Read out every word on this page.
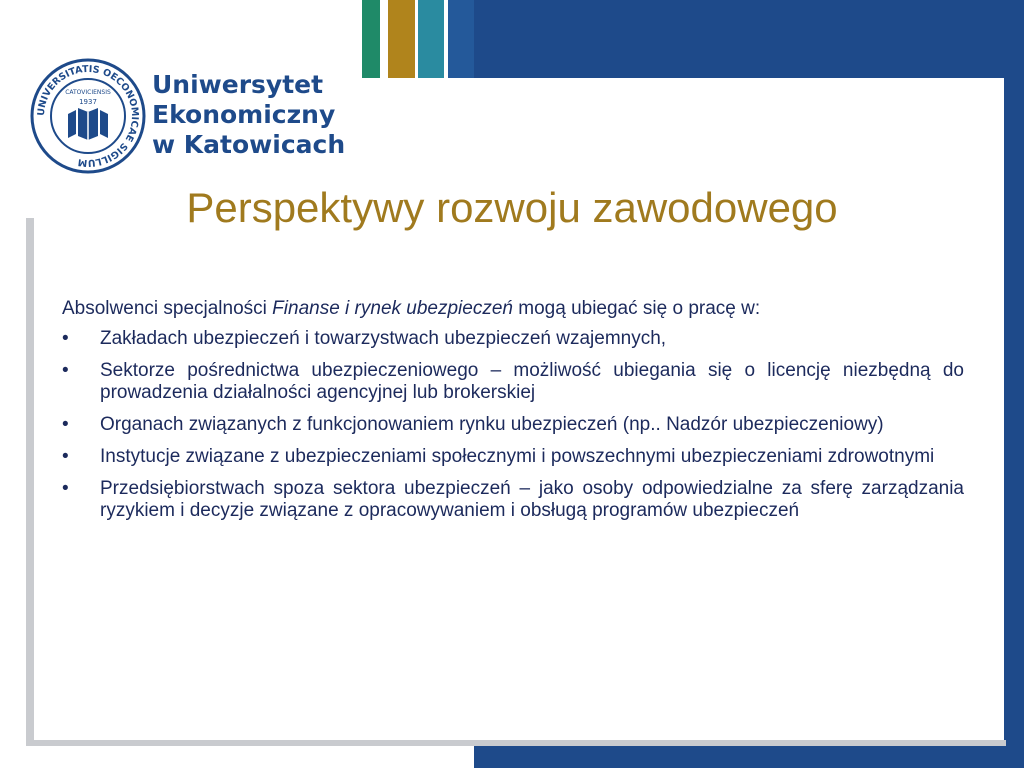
UNIVERSITATIS OECONOMICAE SIGILLUM
CATOVICIENSIS
1937
Uniwersytet
Ekonomiczny
w Katowicach
Perspektywy rozwoju zawodowego

Absolwenci specjalności Finanse i rynek ubezpieczeń mogą ubiegać się o pracę w:

•	Zakładach ubezpieczeń i towarzystwach ubezpieczeń wzajemnych,
•	Sektorze pośrednictwa ubezpieczeniowego – możliwość ubiegania się o licencję niezbędną do prowadzenia działalności agencyjnej lub brokerskiej
•	Organach związanych z funkcjonowaniem rynku ubezpieczeń (np.. Nadzór ubezpieczeniowy)
•	Instytucje związane z ubezpieczeniami społecznymi i powszechnymi ubezpieczeniami zdrowotnymi
•	Przedsiębiorstwach spoza sektora ubezpieczeń – jako osoby odpowiedzialne za sferę zarządzania ryzykiem i decyzje związane z opracowywaniem i obsługą programów ubezpieczeń
